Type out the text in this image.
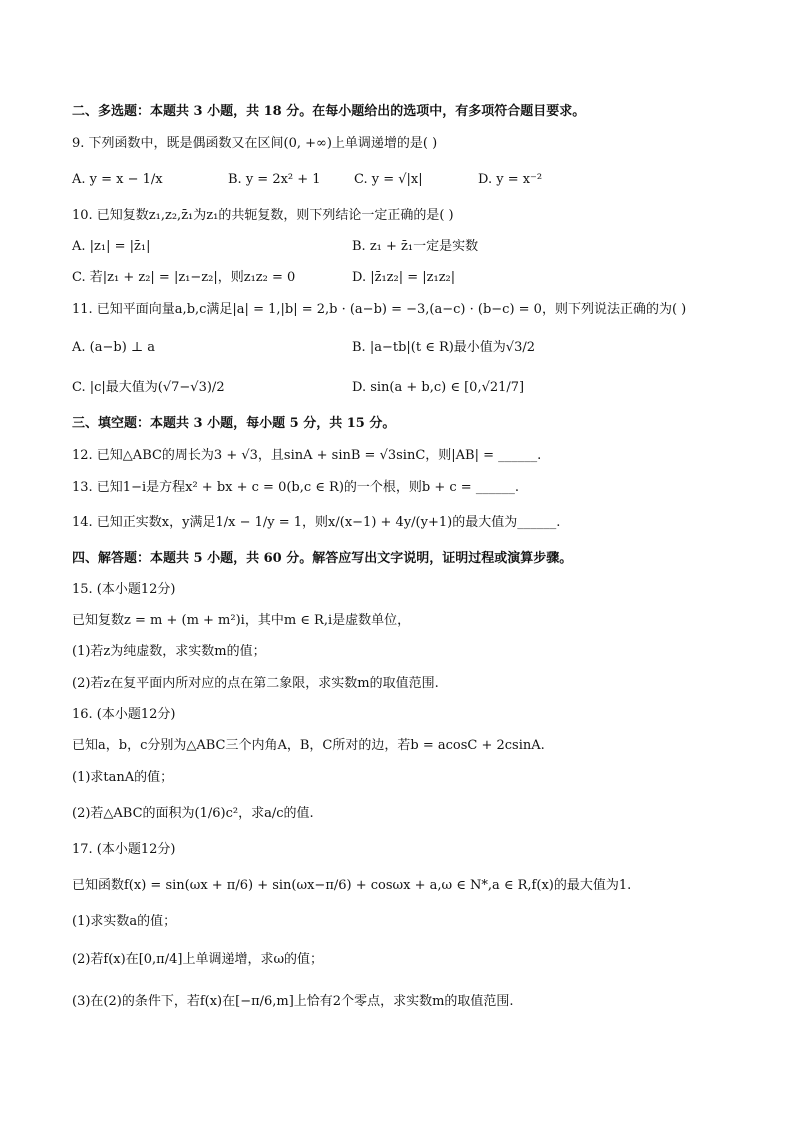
二、多选题：本题共 3 小题，共 18 分。在每小题给出的选项中，有多项符合题目要求。
9. 下列函数中，既是偶函数又在区间(0, +∞)上单调递增的是( )
A. y = x − 1/x	B. y = 2x² + 1	C. y = √|x|	D. y = x⁻²
10. 已知复数z₁,z₂,z̄₁为z₁的共轭复数，则下列结论一定正确的是( )
A. |z₁| = |z̄₁|	B. z₁ + z̄₁一定是实数
C. 若|z₁ + z₂| = |z₁−z₂|，则z₁z₂ = 0	D. |z̄₁z₂| = |z₁z₂|
11. 已知平面向量a,b,c满足|a| = 1,|b| = 2,b · (a−b) = −3,(a−c) · (b−c) = 0，则下列说法正确的为( )
A. (a−b) ⊥ a	B. |a−tb|(t ∈ R)最小值为√3/2
C. |c|最大值为(√7−√3)/2	D. sin(a + b,c) ∈ [0,√21/7]
三、填空题：本题共 3 小题，每小题 5 分，共 15 分。
12. 已知△ABC的周长为3 + √3，且sinA + sinB = √3sinC，则|AB| = ______.
13. 已知1−i是方程x² + bx + c = 0(b,c ∈ R)的一个根，则b + c = ______.
14. 已知正实数x，y满足1/x − 1/y = 1，则x/(x−1) + 4y/(y+1)的最大值为______.
四、解答题：本题共 5 小题，共 60 分。解答应写出文字说明，证明过程或演算步骤。
15. (本小题12分)
已知复数z = m + (m + m²)i，其中m ∈ R,i是虚数单位，
(1)若z为纯虚数，求实数m的值；
(2)若z在复平面内所对应的点在第二象限，求实数m的取值范围.
16. (本小题12分)
已知a，b，c分别为△ABC三个内角A，B，C所对的边，若b = acosC + 2csinA.
(1)求tanA的值；
(2)若△ABC的面积为(1/6)c²，求a/c的值.
17. (本小题12分)
已知函数f(x) = sin(ωx + π/6) + sin(ωx−π/6) + cosωx + a,ω ∈ N*,a ∈ R,f(x)的最大值为1.
(1)求实数a的值；
(2)若f(x)在[0,π/4]上单调递增，求ω的值；
(3)在(2)的条件下，若f(x)在[−π/6,m]上恰有2个零点，求实数m的取值范围.
